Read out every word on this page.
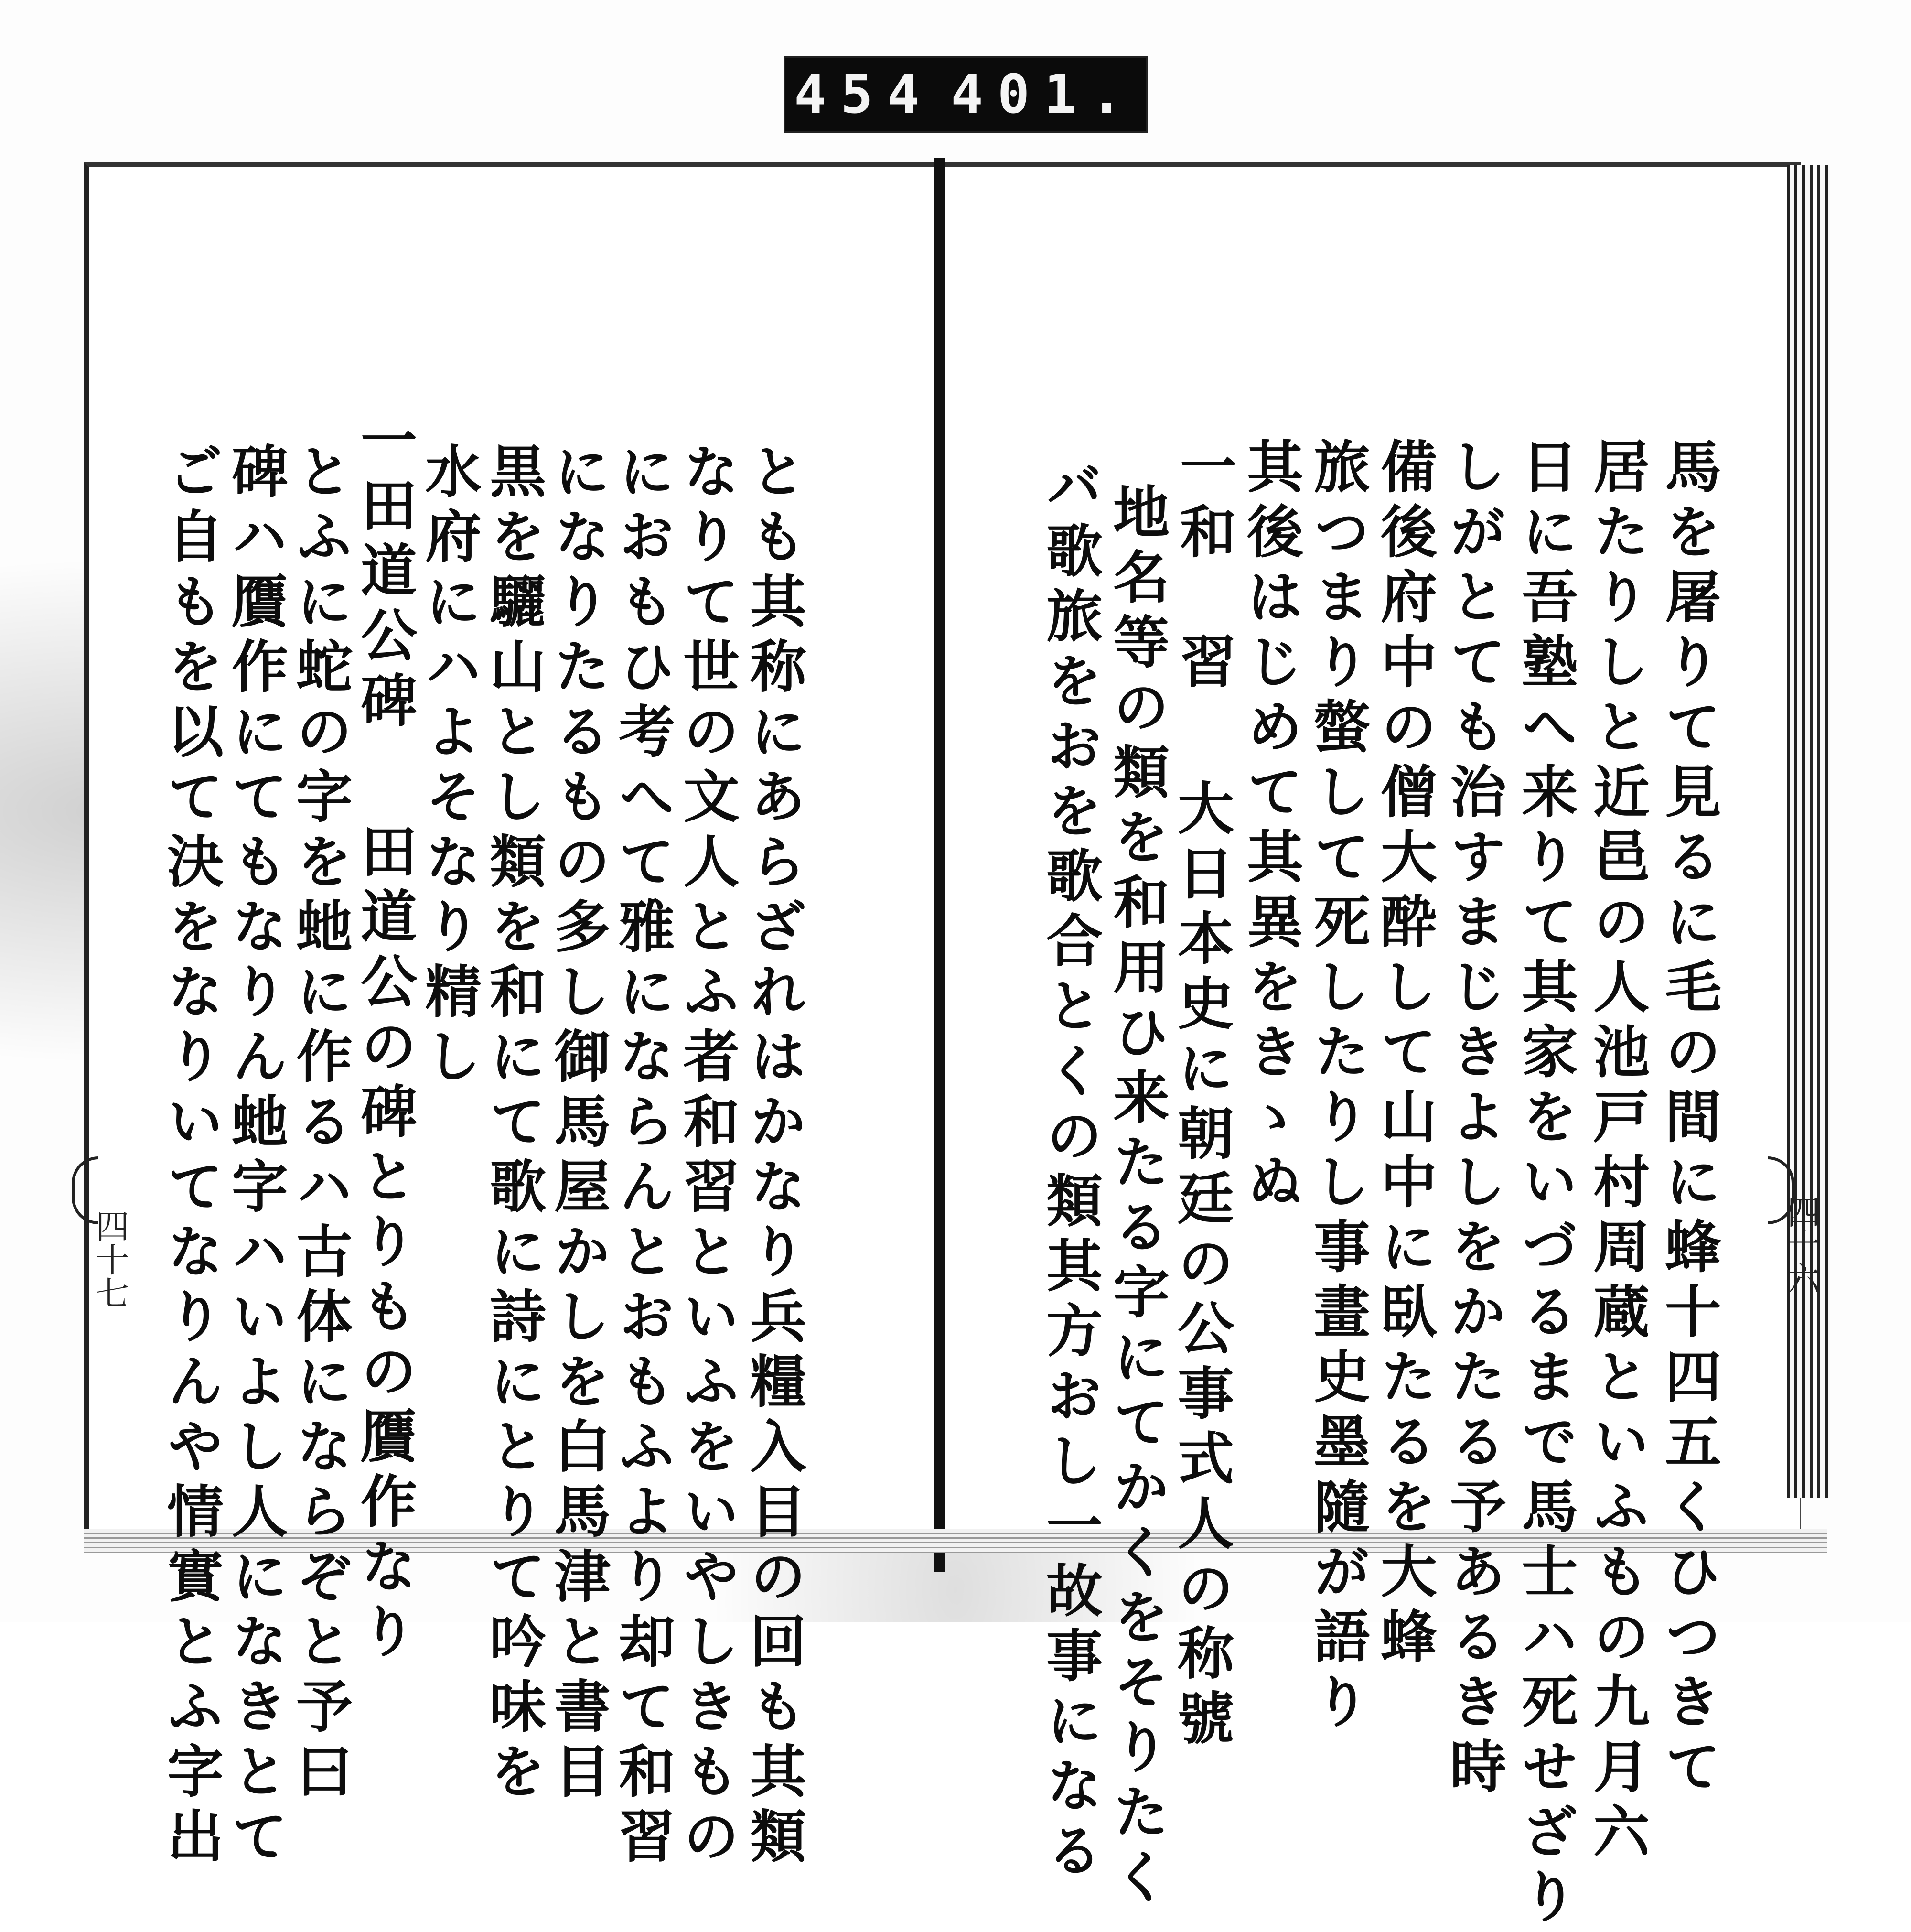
454 401.
四十七	四十六
馬を屠りて見るに毛の間に蜂十四五くひつきて
居たりしと近邑の人池戸村周蔵といふもの九月六
日に吾塾へ来りて其家をいづるまで馬士ハ死せざり
しがとても治すまじきよしをかたる予あるき時
備後府中の僧大酔して山中に臥たるを大蜂
旅つまり螫して死したりし事畫史墨隨が語り
其後はじめて其異をきゝぬ
一和　習
大日本史に朝廷の公事式人の称號
地名等の類を和用ひ来たる字にてかくをそりたく
バ歌旅をおを歌合とくの類其方おし一故事になる
とも其称にあらざれはかなり兵糧入目の回も其類
なりて世の文人とふ者和習といふをいやしきもの
におもひ考へて雅にならんとおもふより却て和習
になりたるもの多し御馬屋かしを白馬津と書目
黒を驪山とし類を和にて歌に詩にとりて吟味を
水府にハよそなり精し
一田道公碑
田道公の碑とりもの贋作なり
とふに蛇の字を虵に作るハ古体にならぞと予曰
碑ハ贋作にてもなりん虵字ハいよし人になきとて
ご自もを以て決をなりいてなりんや情實とふ字出
